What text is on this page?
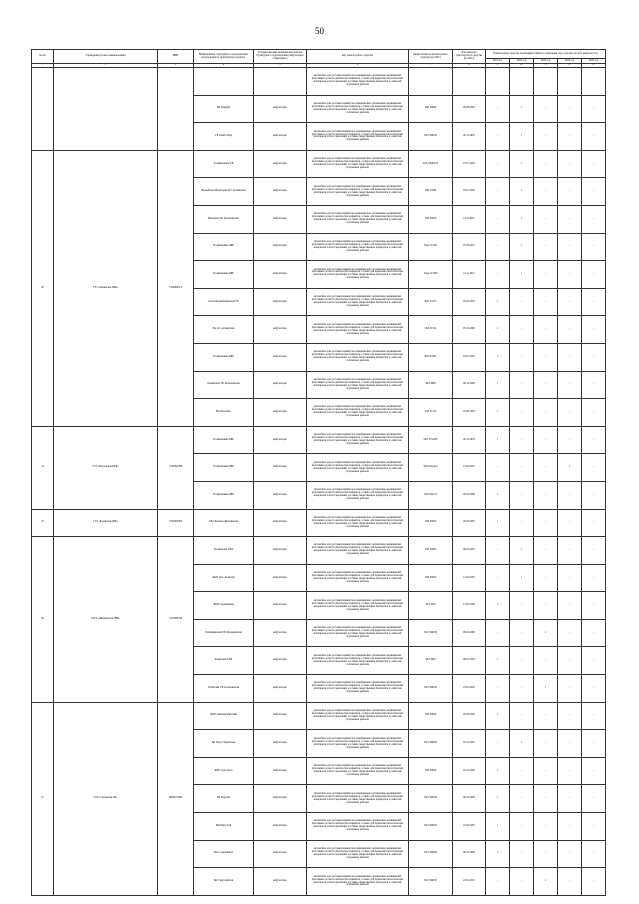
50
№ п/п	Учреждение (полное наименование)	ИНН	Наименование структурного подразделения, использующего транспортное средство	Условия оказания медицинской помощи структурного подразделения (амбулаторно/стационарно)	вид транспортного средства	Марка и модель транспортного средства (по ПТС)	Дата выпуска транспортного средства (по ПТС)	Транспортные средства подлежащие замене в следующем году в расчете на дату выпуска (шт.)				
								2021 год	2022 год	2023 год	2024 год	2025 год
1	2	3	4	5	6	7	8	9	10	11	12	13
					автомобиль для доставки пациентов в медицинские организации, медицинских работников до места жительства пациентов, а также для перевозки биологических материалов для исследований, доставки лекарственных препаратов до жителей отдаленных районов							
			ВА Хурбуйт	амбулаторно	автомобиль для доставки пациентов в медицинские организации, медицинских работников до места жительства пациентов, а также для перевозки биологических материалов для исследований, доставки лекарственных препаратов до жителей отдаленных районов	УАЗ 39629	09.08.2005	-	1	-	-	-
			УБ Хапит Онгр	амбулаторно	автомобиль для доставки пациентов в медицинские организации, медицинских работников до места жительства пациентов, а также для перевозки биологических материалов для исследований, доставки лекарственных препаратов до жителей отдаленных районов	УАЗ 396259	20.11.2005	-	1	-	-	-
20	ГУЗ «Ленинская ЦРБ»	7520004072	Хатминовская УБ	амбулаторно	автомобиль для доставки пациентов в медицинские организации, медицинских работников до места жительства пациентов, а также для перевозки биологических материалов для исследований, доставки лекарственных препаратов до жителей отдаленных районов	ГАЗ 22069-04	07.07.2004	-	1	-	-	-
			Врачебная амбулатория пгт. Атаманская	амбулаторно	автомобиль для доставки пациентов в медицинские организации, медицинских работников до места жительства пациентов, а также для перевозки биологических материалов для исследований, доставки лекарственных препаратов до жителей отдаленных районов	УАЗ 22069	05.01.2005	-	1	-	-	-
			Ноинская УБ, Колыхинские	амбулаторно	автомобиль для доставки пациентов в медицинские организации, медицинских работников до места жительства пациентов, а также для перевозки биологических материалов для исследований, доставки лекарственных препаратов до жителей отдаленных районов	УАЗ 39623	13.11.2007	-	1	-	-	-
			Поликлиника ЦРБ	амбулаторно	автомобиль для доставки пациентов в медицинские организации, медицинских работников до места жительства пациентов, а также для перевозки биологических материалов для исследований, доставки лекарственных препаратов до жителей отдаленных районов	Лада 213741	07.09.2012	-	1	-	-	-
			Поликлиника ЦРБ	амбулаторно	автомобиль для доставки пациентов в медицинские организации, медицинских работников до места жительства пациентов, а также для перевозки биологических материалов для исследований, доставки лекарственных препаратов до жителей отдаленных районов	Лада 213100	13.11.2012	-	1	-	-	-
			Колосинская Книжской УБ	амбулаторно	автомобиль для доставки пациентов в медицинские организации, медицинских работников до места жительства пациентов, а также для перевозки биологических материалов для исследований, доставки лекарственных препаратов до жителей отдаленных районов	ВАЗ 21053	05.02.2005	1	-	-	-	-
			ВА пгт. Атаманская	амбулаторно	автомобиль для доставки пациентов в медицинские организации, медицинских работников до места жительства пациентов, а также для перевозки биологических материалов для исследований, доставки лекарственных препаратов до жителей отдаленных районов	УАЗ 31514	05.12.2000	1	-	-	-	-
			Поликлиника ЦРБ	амбулаторно	автомобиль для доставки пациентов в медицинские организации, медицинских работников до места жительства пациентов, а также для перевозки биологических материалов для исследований, доставки лекарственных препаратов до жителей отдаленных районов	ВАЗ 21061	05.01.2001	1	-	-	-	-
			Дешинская УБ, Колыхинская	амбулаторно	автомобиль для доставки пациентов в медицинские организации, медицинских работников до места жительства пациентов, а также для перевозки биологических материалов для исследований, доставки лекарственных препаратов до жителей отдаленных районов	УАЗ 3962	06.10.2000	1	-	-	-	-
			ВА Онохойск	амбулаторно	автомобиль для доставки пациентов в медицинские организации, медицинских работников до места жительства пациентов, а также для перевозки биологических материалов для исследований, доставки лекарственных препаратов до жителей отдаленных районов	УАЗ 31512	20.06.1993	1	-	-	-	-
21	ГУЗ «Петровская ЦРБ»	7520002288	Поликлиника ЦРБ	амбулаторно	автомобиль для доставки пациентов в медицинские организации, медицинских работников до места жительства пациентов, а также для перевозки биологических материалов для исследований, доставки лекарственных препаратов до жителей отдаленных районов	УАЗ 3152365	26.11.2003	1	-	-	-	-
			Поликлиника ЦРБ	амбулаторно	автомобиль для доставки пациентов в медицинские организации, медицинских работников до места жительства пациентов, а также для перевозки биологических материалов для исследований, доставки лекарственных препаратов до жителей отдаленных районов	УАЗ Патриот	15.04.2014	-	-	-	1	-
			Поликлиника ЦРБ	амбулаторно	автомобиль для доставки пациентов в медицинские организации, медицинских работников до места жительства пациентов, а также для перевозки биологических материалов для исследований, доставки лекарственных препаратов до жителей отдаленных районов	ГАЗ 322174	26.05.2006	1	-	-	-	-
22	ГУЗ «Балейская ЦРБ»	7520003900	СВА Баранно-Шахтинская	амбулаторно	автомобиль для доставки пациентов в медицинские организации, медицинских работников до места жительства пациентов, а также для перевозки биологических материалов для исследований, доставки лекарственных препаратов до жителей отдаленных районов	УАЗ 39623	29.03.2007	1	-	-	-	-
26	ГАУЗ «Шилкинская ЦРБ»	7527000228	Казаковская СВА	амбулаторно	автомобиль для доставки пациентов в медицинские организации, медицинских работников до места жительства пациентов, а также для перевозки биологических материалов для исследований, доставки лекарственных препаратов до жителей отдаленных районов	УАЗ 39623	06.02.2007	-	1	-	-	-
			ФАП Усть-Теленгуй	амбулаторно	автомобиль для доставки пациентов в медицинские организации, медицинских работников до места жительства пациентов, а также для перевозки биологических материалов для исследований, доставки лекарственных препаратов до жителей отдаленных районов	УАЗ 39623	12.03.2007	-	1	-	-	-
			ФАП Средняя Кия	амбулаторно	автомобиль для доставки пациентов в медицинские организации, медицинских работников до места жительства пациентов, а также для перевозки биологических материалов для исследований, доставки лекарственных препаратов до жителей отдаленных районов	УАЗ 3162	13.03.2003	1	-	-	-	-
			Размахнинская УБ, Колыхинская	амбулаторно	автомобиль для доставки пациентов в медицинские организации, медицинских работников до места жительства пациентов, а также для перевозки биологических материалов для исследований, доставки лекарственных препаратов до жителей отдаленных районов	УАЗ 396259	06.02.2008	-	-	1	-	-
			Чирипская СВА	амбулаторно	автомобиль для доставки пациентов в медицинские организации, медицинских работников до места жительства пациентов, а также для перевозки биологических материалов для исследований, доставки лекарственных препаратов до жителей отдаленных районов	УАЗ 3962	06.02.2003	1	-	-	-	-
			Усибнская УБ, Колыхинская	амбулаторно	автомобиль для доставки пациентов в медицинские организации, медицинских работников до места жительства пациентов, а также для перевозки биологических материалов для исследований, доставки лекарственных препаратов до жителей отдаленных районов	УАЗ 396259	23.01.2010	-	-	1	-	-
27	ГАУЗ «Агинская ОБ»	8000077940	ФАП Ушан-Кулинбский	амбулаторно	автомобиль для доставки пациентов в медицинские организации, медицинских работников до места жительства пациентов, а также для перевозки биологических материалов для исследований, доставки лекарственных препаратов до жителей отдаленных районов	УАЗ 39629	28.10.2005	1	-	-	-	-
			ВА Цасуч Хоринская	амбулаторно	автомобиль для доставки пациентов в медицинские организации, медицинских работников до места жительства пациентов, а также для перевозки биологических материалов для исследований, доставки лекарственных препаратов до жителей отдаленных районов	УАЗ 396294	03.12.2007	-	1	-	-	-
			ФАП Судо-Холо	амбулаторно	автомобиль для доставки пациентов в медицинские организации, медицинских работников до места жительства пациентов, а также для перевозки биологических материалов для исследований, доставки лекарственных препаратов до жителей отдаленных районов	УАЗ 39629	02.12.2002	1	-	-	-	-
			ВА Бурулан	амбулаторно	автомобиль для доставки пациентов в медицинские организации, медицинских работников до места жительства пациентов, а также для перевозки биологических материалов для исследований, доставки лекарственных препаратов до жителей отдаленных районов	УАЗ 396294	08.12.2006	1	-	-	-	-
			ФАП Кусотуй	амбулаторно	автомобиль для доставки пациентов в медицинские организации, медицинских работников до места жительства пациентов, а также для перевозки биологических материалов для исследований, доставки лекарственных препаратов до жителей отдаленных районов	УАЗ 396295	22.03.2007	1	-	-	-	-
			ВА Сохарчиница	амбулаторно	автомобиль для доставки пациентов в медицинские организации, медицинских работников до места жительства пациентов, а также для перевозки биологических материалов для исследований, доставки лекарственных препаратов до жителей отдаленных районов	УАЗ 396294	08.11.2006	1	-	-	-	-
			ВА Судунтайская	амбулаторно	автомобиль для доставки пациентов в медицинские организации, медицинских работников до места жительства пациентов, а также для перевозки биологических материалов для исследований, доставки лекарственных препаратов до жителей отдаленных районов	УАЗ 396255	22.01.2013	-	-	1	-	-
